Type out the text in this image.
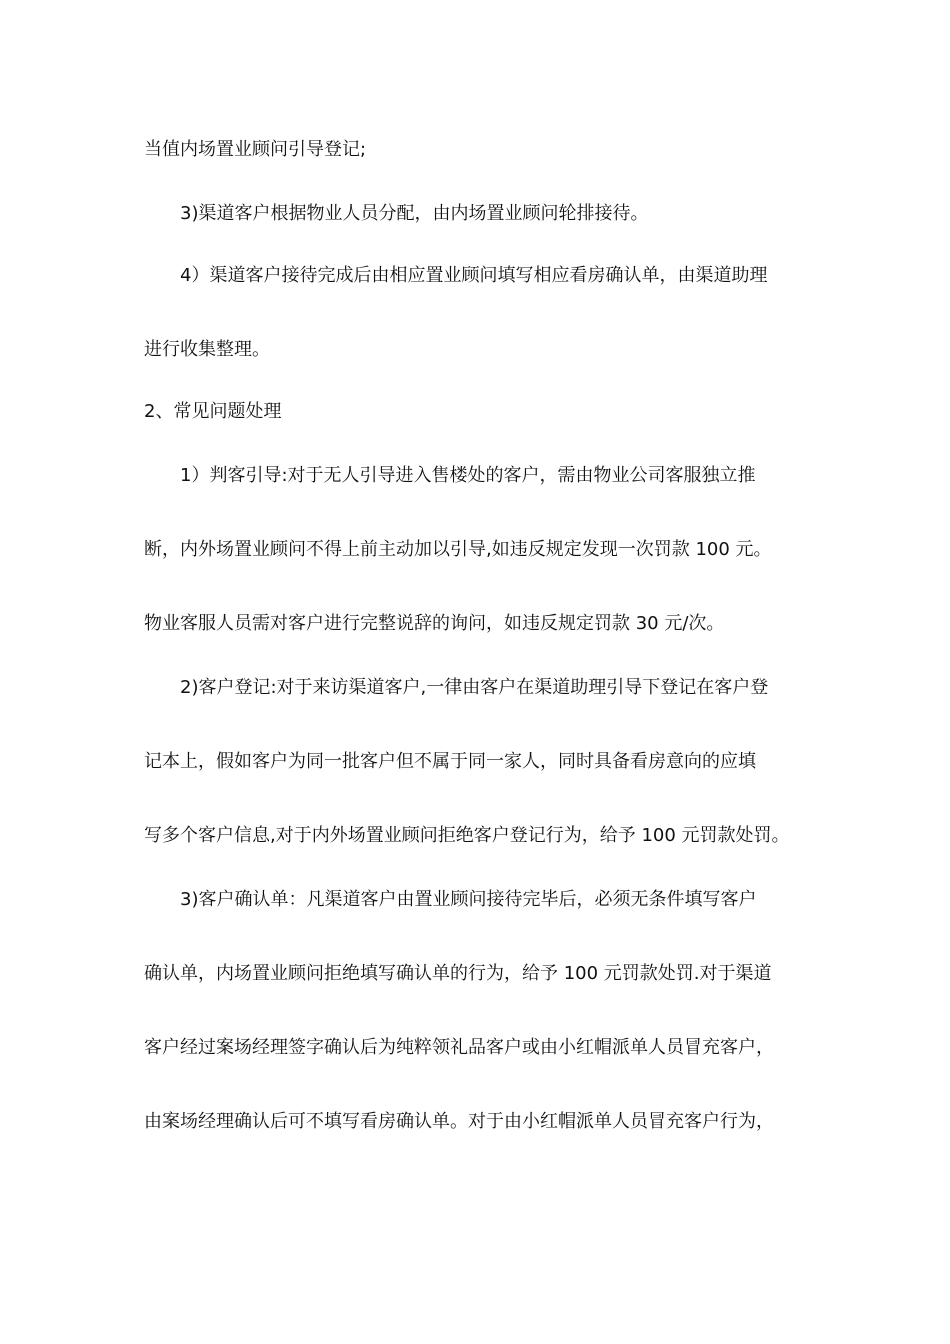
当值内场置业顾问引导登记;
3)渠道客户根据物业人员分配，由内场置业顾问轮排接待。
4）渠道客户接待完成后由相应置业顾问填写相应看房确认单，由渠道助理
进行收集整理。
2、常见问题处理
1）判客引导:对于无人引导进入售楼处的客户，需由物业公司客服独立推
断，内外场置业顾问不得上前主动加以引导,如违反规定发现一次罚款 100 元。
物业客服人员需对客户进行完整说辞的询问，如违反规定罚款 30 元/次。
2)客户登记:对于来访渠道客户,一律由客户在渠道助理引导下登记在客户登
记本上，假如客户为同一批客户但不属于同一家人，同时具备看房意向的应填
写多个客户信息,对于内外场置业顾问拒绝客户登记行为，给予 100 元罚款处罚。
3)客户确认单：凡渠道客户由置业顾问接待完毕后，必须无条件填写客户
确认单，内场置业顾问拒绝填写确认单的行为，给予 100 元罚款处罚.对于渠道
客户经过案场经理签字确认后为纯粹领礼品客户或由小红帽派单人员冒充客户，
由案场经理确认后可不填写看房确认单。对于由小红帽派单人员冒充客户行为，
